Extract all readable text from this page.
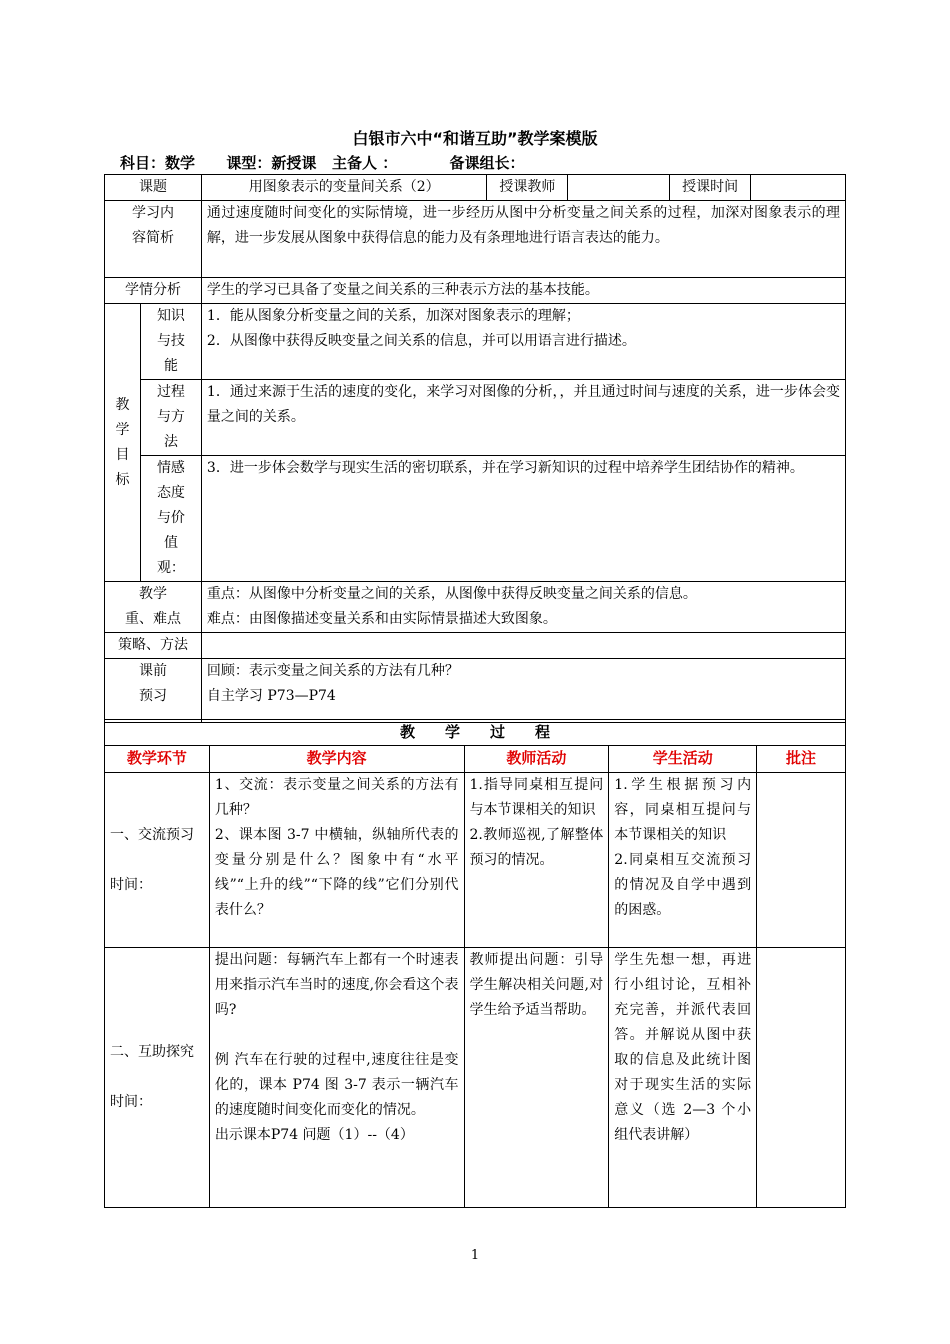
白银市六中“和谐互助”教学案模版
科目：数学 课型：新授课 主备人 ：	备课组长：
课题		用图象表示的变量间关系（2）	授课教师		授课时间	

学习内
容简析		通过速度随时间变化的实际情境，进一步经历从图中分析变量之间关系的过程，加深对图象表示的理解，进一步发展从图象中获得信息的能力及有条理地进行语言表达的能力。				
学情分析		学生的学习已具备了变量之间关系的三种表示方法的基本技能。				

教
学
目
标	知识
与技
能	1．能从图象分析变量之间的关系，加深对图象表示的理解；
2．从图像中获得反映变量之间关系的信息，并可以用语言进行描述。				

	过程
与方
法	1．通过来源于生活的速度的变化，来学习对图像的分析，，并且通过时间与速度的关系，进一步体会变量之间的关系。				

	情感
态度
与价
值
观：	3．进一步体会数学与现实生活的密切联系，并在学习新知识的过程中培养学生团结协作的精神。				

教学
重、难点		重点：从图像中分析变量之间的关系，从图像中获得反映变量之间关系的信息。
难点：由图像描述变量关系和由实际情景描述大致图象。				

策略、方法						

课前
预习		回顾：表示变量之间关系的方法有几种？
自主学习 P73—P74				
教　　学　　过　　程				
教学环节	教学内容	教师活动	学生活动	批注

一、交流预习
时间：	1、交流：表示变量之间关系的方法有几种？
2、课本图 3-7 中横轴，纵轴所代表的变量分别是什么？图象中有“水平线”“上升的线”“下降的线”它们分别代表什么？	1.指导同桌相互提问与本节课相关的知识
2.教师巡视,了解整体预习的情况。	1.学生根据预习内容，同桌相互提问与本节课相关的知识
2.同桌相互交流预习的情况及自学中遇到的困惑。	

二、互助探究
时间：	提出问题：每辆汽车上都有一个时速表用来指示汽车当时的速度,你会看这个表吗?

例 汽车在行驶的过程中,速度往往是变化的，课本 P74 图 3-7 表示一辆汽车的速度随时间变化而变化的情况。
出示课本P74 问题（1）--（4）	教师提出问题：引导学生解决相关问题,对学生给予适当帮助。	学生先想一想，再进行小组讨论，互相补充完善，并派代表回答。并解说从图中获取的信息及此统计图对于现实生活的实际意义（选 2—3 个小组代表讲解）	
1
